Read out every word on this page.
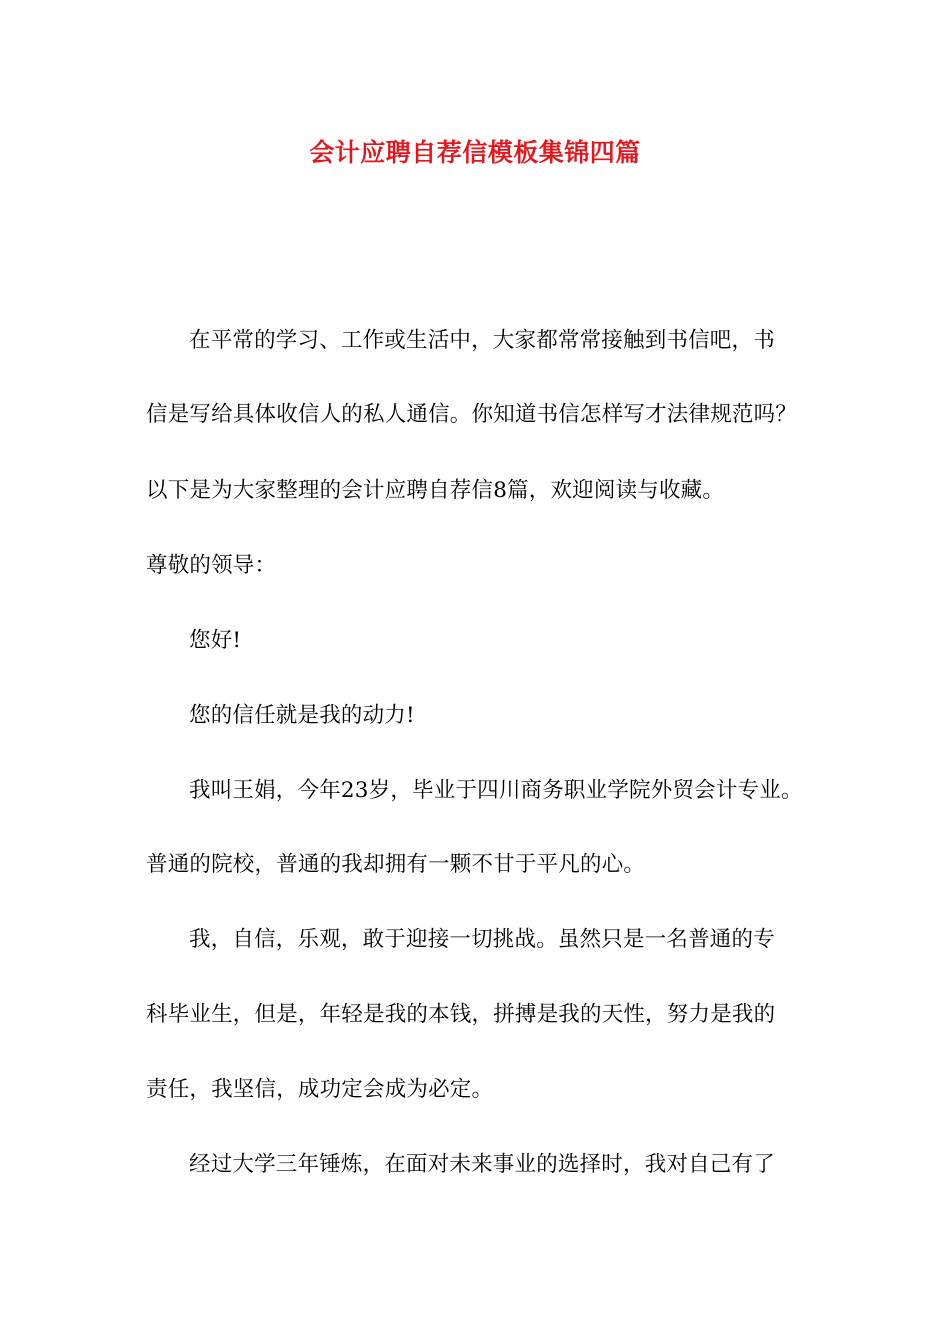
会计应聘自荐信模板集锦四篇
在平常的学习、工作或生活中，大家都常常接触到书信吧，书
信是写给具体收信人的私人通信。你知道书信怎样写才法律规范吗？
以下是为大家整理的会计应聘自荐信8篇，欢迎阅读与收藏。
尊敬的领导：
您好!
您的信任就是我的动力!
我叫王娟，今年23岁，毕业于四川商务职业学院外贸会计专业。
普通的院校，普通的我却拥有一颗不甘于平凡的心。
我，自信，乐观，敢于迎接一切挑战。虽然只是一名普通的专
科毕业生，但是，年轻是我的本钱，拼搏是我的天性，努力是我的
责任，我坚信，成功定会成为必定。
经过大学三年锤炼，在面对未来事业的选择时，我对自己有了
